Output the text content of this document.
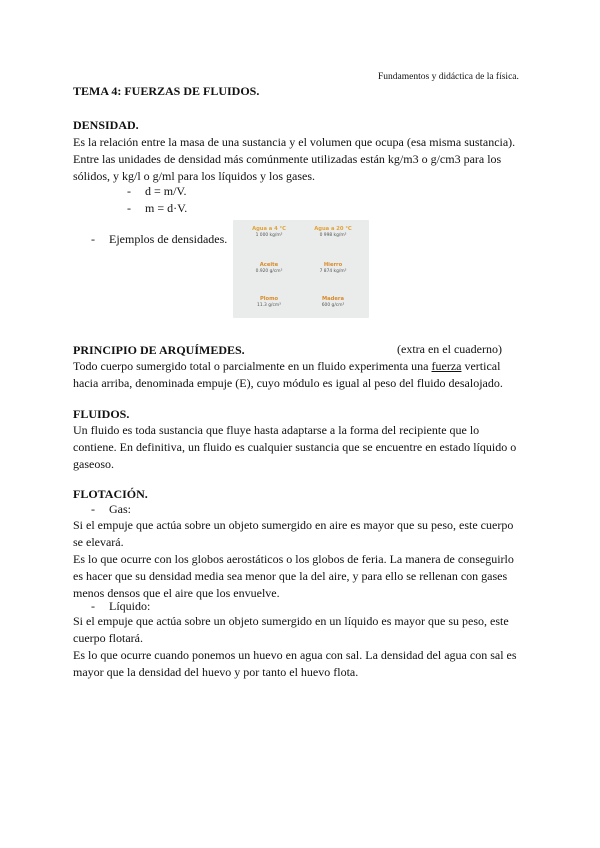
Fundamentos y didáctica de la física.
TEMA 4: FUERZAS DE FLUIDOS.
DENSIDAD.
Es la relación entre la masa de una sustancia y el volumen que ocupa (esa misma sustancia).
Entre las unidades de densidad más comúnmente utilizadas están kg/m3 o g/cm3 para los
sólidos, y kg/l o g/ml para los líquidos y los gases.
- d = m/V.
- m = d·V.
- Ejemplos de densidades.
Agua a 4 °C
1 000 kg/m³
Agua a 20 °C
0 998 kg/m³
Aceite
0.920 g/cm³
Hierro
7 874 kg/m³
Plomo
11.3 g/cm³
Madera
600 g/cm³
PRINCIPIO DE ARQUÍMEDES.	(extra en el cuaderno)
Todo cuerpo sumergido total o parcialmente en un fluido experimenta una fuerza vertical
hacia arriba, denominada empuje (E), cuyo módulo es igual al peso del fluido desalojado.
FLUIDOS.
Un fluido es toda sustancia que fluye hasta adaptarse a la forma del recipiente que lo
contiene. En definitiva, un fluido es cualquier sustancia que se encuentre en estado líquido o
gaseoso.
FLOTACIÓN.
- Gas:
Si el empuje que actúa sobre un objeto sumergido en aire es mayor que su peso, este cuerpo
se elevará.
Es lo que ocurre con los globos aerostáticos o los globos de feria. La manera de conseguirlo
es hacer que su densidad media sea menor que la del aire, y para ello se rellenan con gases
menos densos que el aire que los envuelve.
- Líquido:
Si el empuje que actúa sobre un objeto sumergido en un líquido es mayor que su peso, este
cuerpo flotará.
Es lo que ocurre cuando ponemos un huevo en agua con sal. La densidad del agua con sal es
mayor que la densidad del huevo y por tanto el huevo flota.
